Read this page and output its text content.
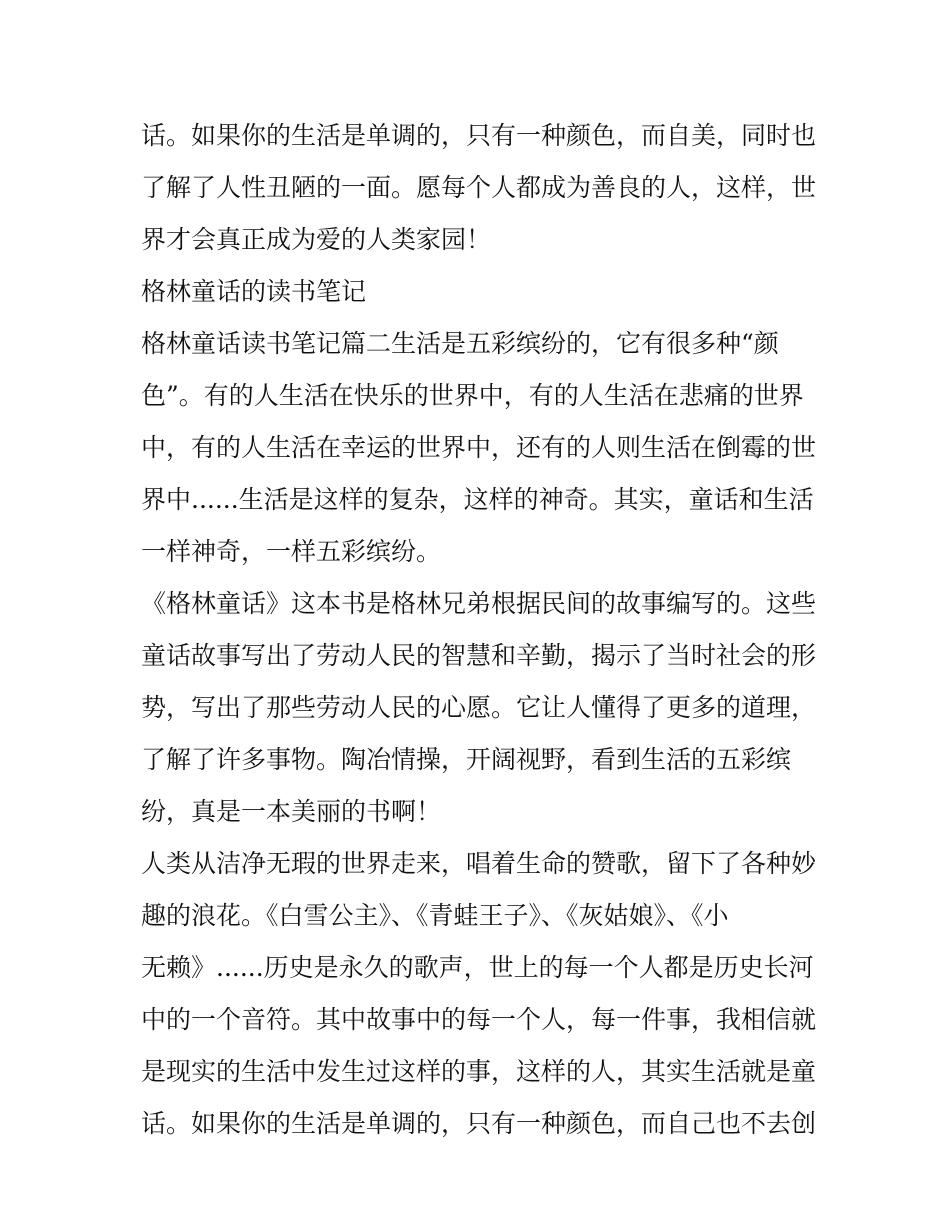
话。如果你的生活是单调的，只有一种颜色，而自美，同时也
了解了人性丑陋的一面。愿每个人都成为善良的人，这样，世
界才会真正成为爱的人类家园！
格林童话的读书笔记
格林童话读书笔记篇二生活是五彩缤纷的，它有很多种“颜
色”。有的人生活在快乐的世界中，有的人生活在悲痛的世界
中，有的人生活在幸运的世界中，还有的人则生活在倒霉的世
界中......生活是这样的复杂，这样的神奇。其实，童话和生活
一样神奇，一样五彩缤纷。
《格林童话》这本书是格林兄弟根据民间的故事编写的。这些
童话故事写出了劳动人民的智慧和辛勤，揭示了当时社会的形
势，写出了那些劳动人民的心愿。它让人懂得了更多的道理，
了解了许多事物。陶冶情操，开阔视野，看到生活的五彩缤
纷，真是一本美丽的书啊！
人类从洁净无瑕的世界走来，唱着生命的赞歌，留下了各种妙
趣的浪花。《白雪公主》、《青蛙王子》、《灰姑娘》、《小
无赖》......历史是永久的歌声，世上的每一个人都是历史长河
中的一个音符。其中故事中的每一个人，每一件事，我相信就
是现实的生活中发生过这样的事，这样的人，其实生活就是童
话。如果你的生活是单调的，只有一种颜色，而自己也不去创
